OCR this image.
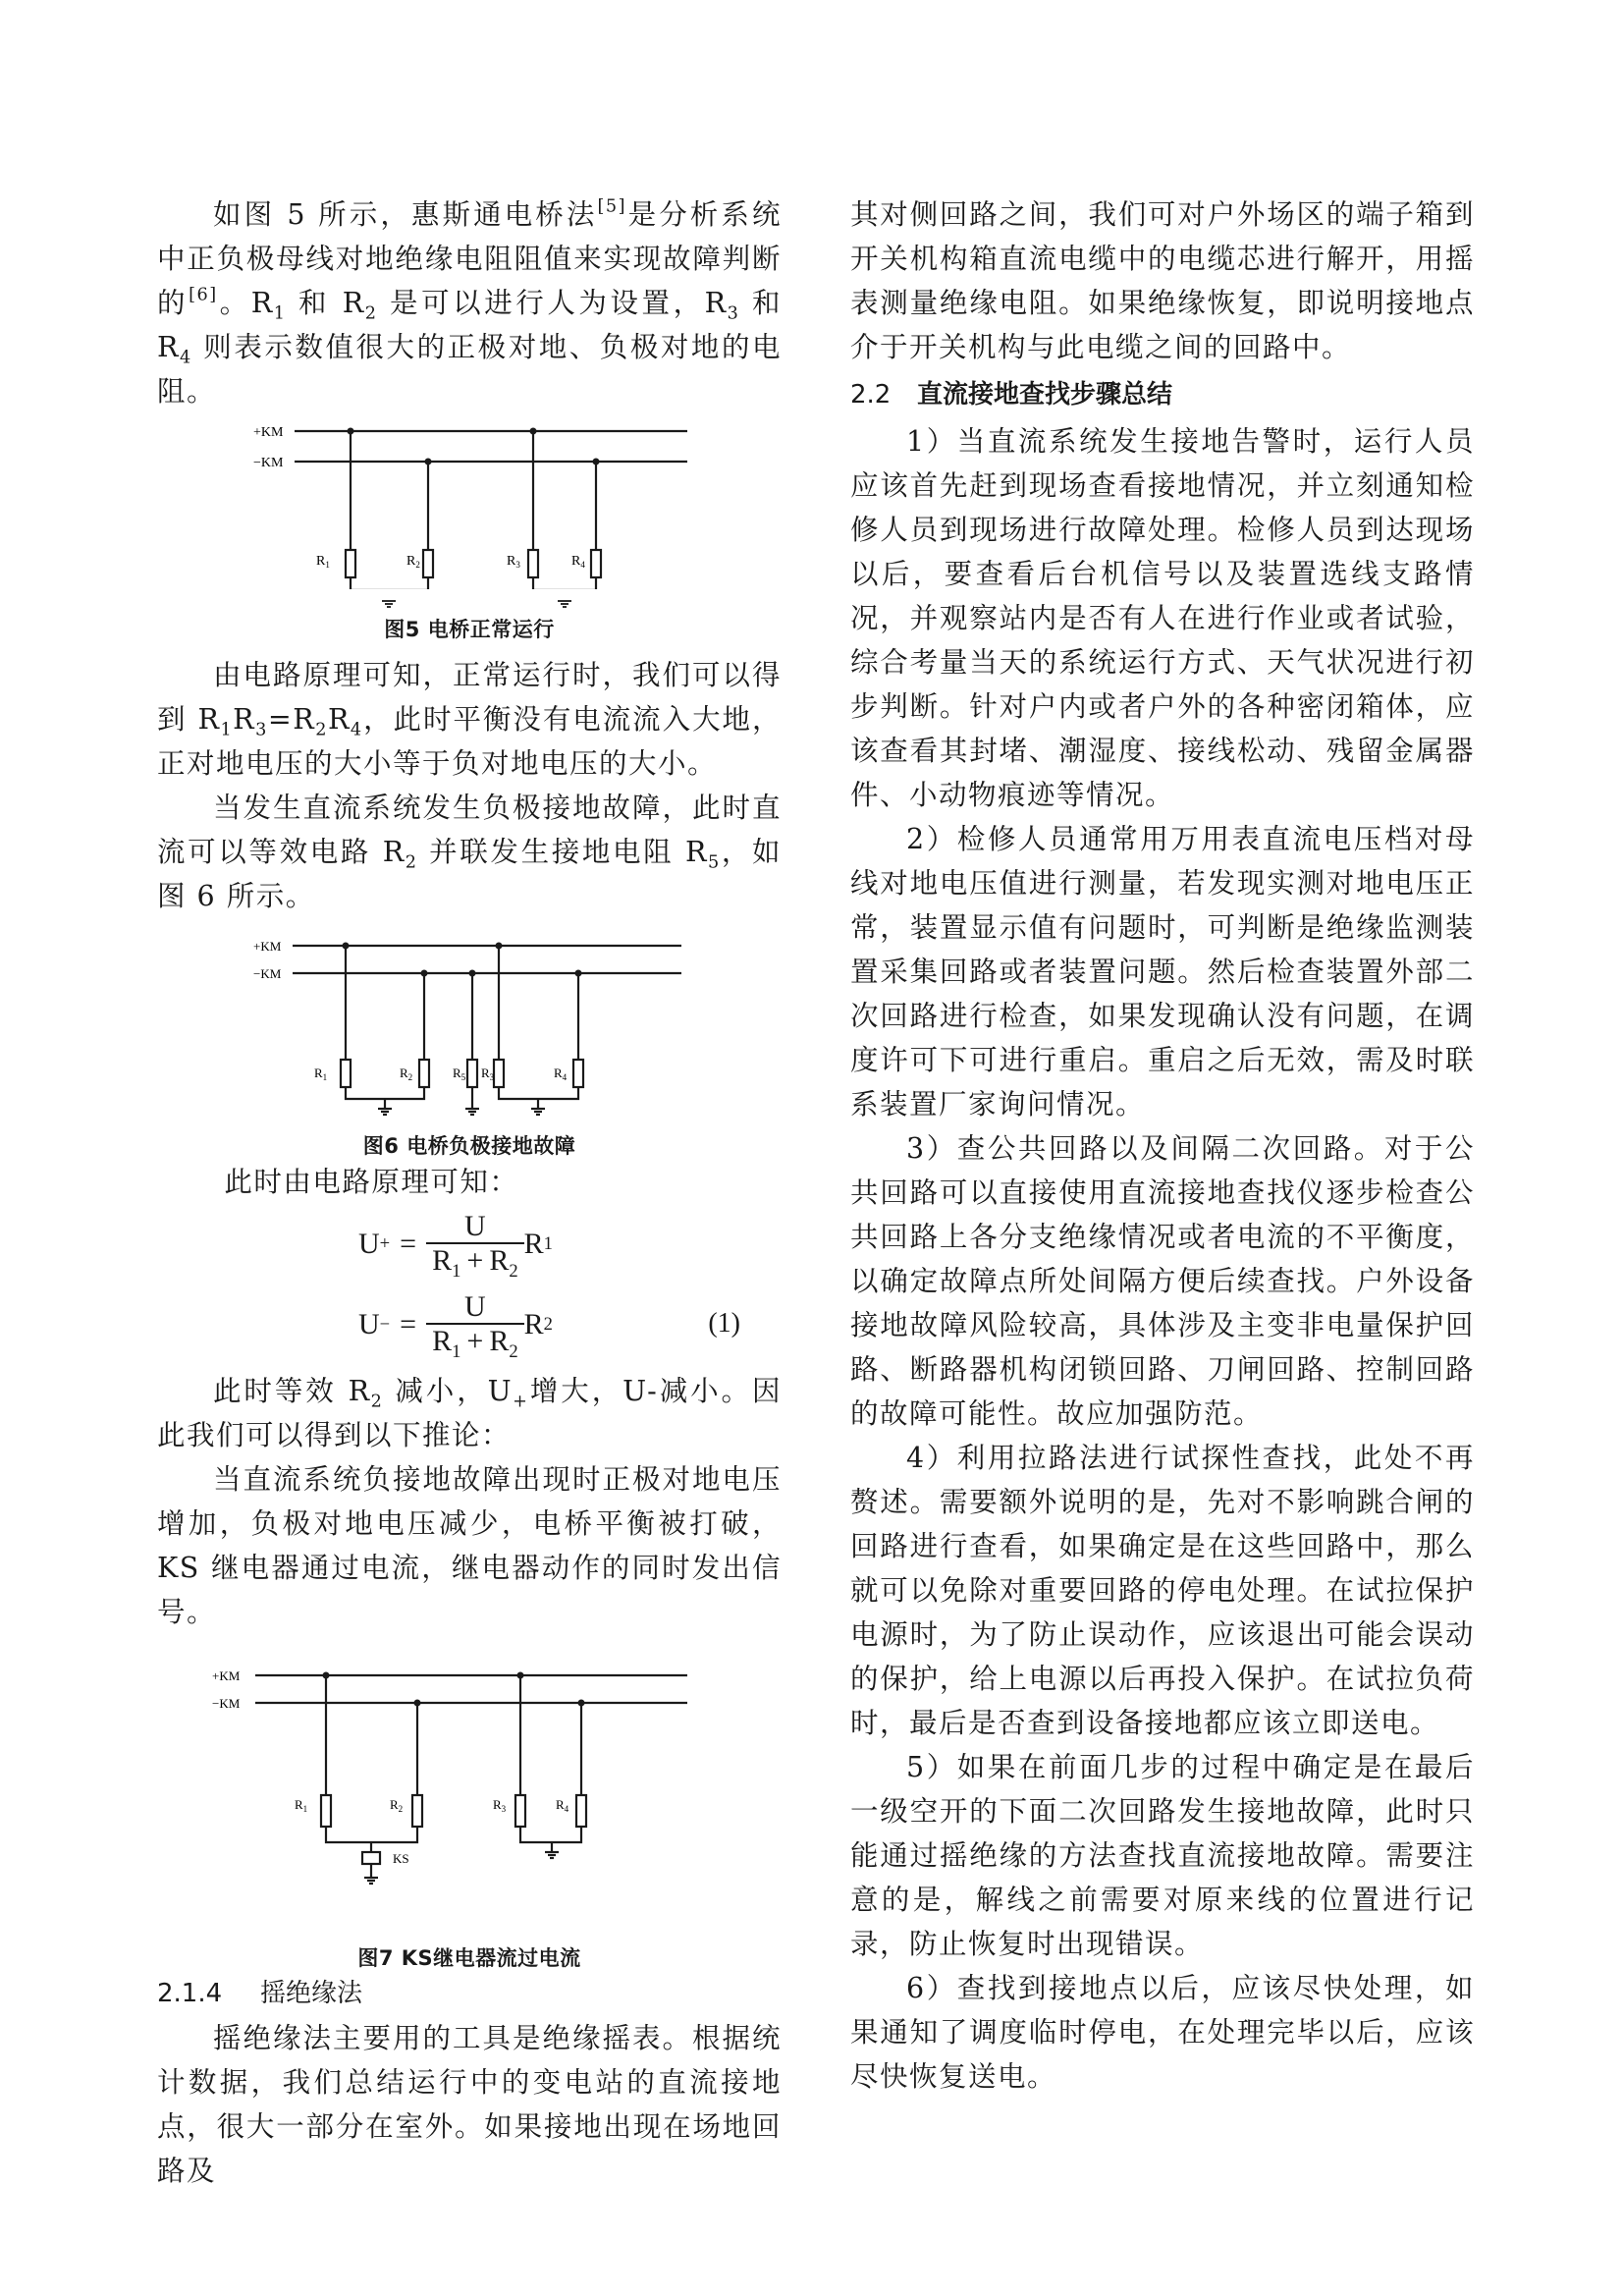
如图 5 所示，惠斯通电桥法[5]是分析系统中正负极母线对地绝缘电阻阻值来实现故障判断的[6]。$R_1$ 和 $R_2$ 是可以进行人为设置，$R_3$ 和 $R_4$ 则表示数值很大的正极对地、负极对地的电阻。

+KM
−KM
$R_1$	$R_2$	$R_3$	$R_4$
图5 电桥正常运行

由电路原理可知，正常运行时，我们可以得到 $R_1R_3=R_2R_4$，此时平衡没有电流流入大地，正对地电压的大小等于负对地电压的大小。

当发生直流系统发生负极接地故障，此时直流可以等效电路 $R_2$ 并联发生接地电阻 $R_5$，如图 6 所示。

+KM
−KM
$R_1$	$R_2$	$R_5$ $R_3$	$R_4$
图6 电桥负极接地故障

此时由电路原理可知：

U + = $\frac{U}{R_1 + R_2}$ R 1
U − = $\frac{U}{R_1 + R_2}$ R 2	(1)

此时等效 $R_2$ 减小，$U_+$增大，U-减小。因此我们可以得到以下推论：

当直流系统负接地故障出现时正极对地电压增加，负极对地电压减少，电桥平衡被打破，KS 继电器通过电流，继电器动作的同时发出信号。

+KM
−KM
$R_1$	$R_2$	$R_3$	$R_4$
KS
图7 KS继电器流过电流

2.1.4 摇绝缘法

摇绝缘法主要用的工具是绝缘摇表。根据统计数据，我们总结运行中的变电站的直流接地点，很大一部分在室外。如果接地出现在场地回路及

其对侧回路之间，我们可对户外场区的端子箱到开关机构箱直流电缆中的电缆芯进行解开，用摇表测量绝缘电阻。如果绝缘恢复，即说明接地点介于开关机构与此电缆之间的回路中。

2.2 直流接地查找步骤总结

1）当直流系统发生接地告警时，运行人员应该首先赶到现场查看接地情况，并立刻通知检修人员到现场进行故障处理。检修人员到达现场以后，要查看后台机信号以及装置选线支路情况，并观察站内是否有人在进行作业或者试验，综合考量当天的系统运行方式、天气状况进行初步判断。针对户内或者户外的各种密闭箱体，应该查看其封堵、潮湿度、接线松动、残留金属器件、小动物痕迹等情况。

2）检修人员通常用万用表直流电压档对母线对地电压值进行测量，若发现实测对地电压正常，装置显示值有问题时，可判断是绝缘监测装置采集回路或者装置问题。然后检查装置外部二次回路进行检查，如果发现确认没有问题，在调度许可下可进行重启。重启之后无效，需及时联系装置厂家询问情况。

3）查公共回路以及间隔二次回路。对于公共回路可以直接使用直流接地查找仪逐步检查公共回路上各分支绝缘情况或者电流的不平衡度，以确定故障点所处间隔方便后续查找。户外设备接地故障风险较高，具体涉及主变非电量保护回路、断路器机构闭锁回路、刀闸回路、控制回路的故障可能性。故应加强防范。

4）利用拉路法进行试探性查找，此处不再赘述。需要额外说明的是，先对不影响跳合闸的回路进行查看，如果确定是在这些回路中，那么就可以免除对重要回路的停电处理。在试拉保护电源时，为了防止误动作，应该退出可能会误动的保护，给上电源以后再投入保护。在试拉负荷时，最后是否查到设备接地都应该立即送电。

5）如果在前面几步的过程中确定是在最后一级空开的下面二次回路发生接地故障，此时只能通过摇绝缘的方法查找直流接地故障。需要注意的是，解线之前需要对原来线的位置进行记录，防止恢复时出现错误。

6）查找到接地点以后，应该尽快处理，如果通知了调度临时停电，在处理完毕以后，应该尽快恢复送电。
